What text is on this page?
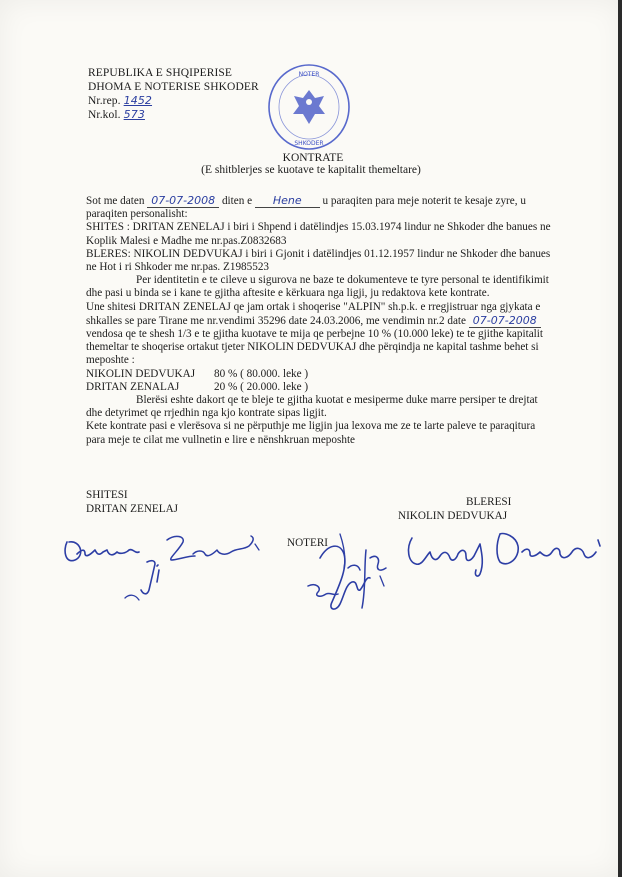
REPUBLIKA E SHQIPERISE
DHOMA E NOTERISE SHKODER
Nr.rep. 1452
Nr.kol. 573
NOTER
SHKODER
KONTRATE
(E shitblerjes se kuotave te kapitalit themeltare)

Sot me daten 07-07-2008 diten e Hene u paraqiten para meje noterit te kesaje zyre, u paraqiten personalisht:

SHITES : DRITAN ZENELAJ i biri i Shpend i datëlindjes 15.03.1974 lindur ne Shkoder dhe banues ne Koplik Malesi e Madhe me nr.pas.Z0832683

BLERES: NIKOLIN DEDVUKAJ i biri i Gjonit i datëlindjes 01.12.1957 lindur ne Shkoder dhe banues ne Hot i ri Shkoder me nr.pas. Z1985523

Per identitetin e te cileve u sigurova ne baze te dokumenteve te tyre personal te identifikimit dhe pasi u binda se i kane te gjitha aftesite e kërkuara nga ligji, ju redaktova kete kontrate.

Une shitesi DRITAN ZENELAJ qe jam ortak i shoqerise "ALPIN" sh.p.k. e rregjistruar nga gjykata e shkalles se pare Tirane me nr.vendimi 35296 date 24.03.2006, me vendimin nr.2 date 07-07-2008 vendosa qe te shesh 1/3 e te gjitha kuotave te mija qe perbejne 10 % (10.000 leke) te te gjithe kapitalit themeltar te shoqerise ortakut tjeter NIKOLIN DEDVUKAJ dhe përqindja ne kapital tashme behet si meposhte :

NIKOLIN DEDVUKAJ 80 % ( 80.000. leke )

DRITAN ZENALAJ	20 % ( 20.000. leke )

Blerësi eshte dakort qe te bleje te gjitha kuotat e mesiperme duke marre persiper te drejtat dhe detyrimet qe rrjedhin nga kjo kontrate sipas ligjit.

Kete kontrate pasi e vlerësova si ne përputhje me ligjin jua lexova me ze te larte paleve te paraqitura para meje te cilat me vullnetin e lire e nënshkruan meposhte

SHITESI
DRITAN ZENELAJ
NOTERI
BLERESI
NIKOLIN DEDVUKAJ
